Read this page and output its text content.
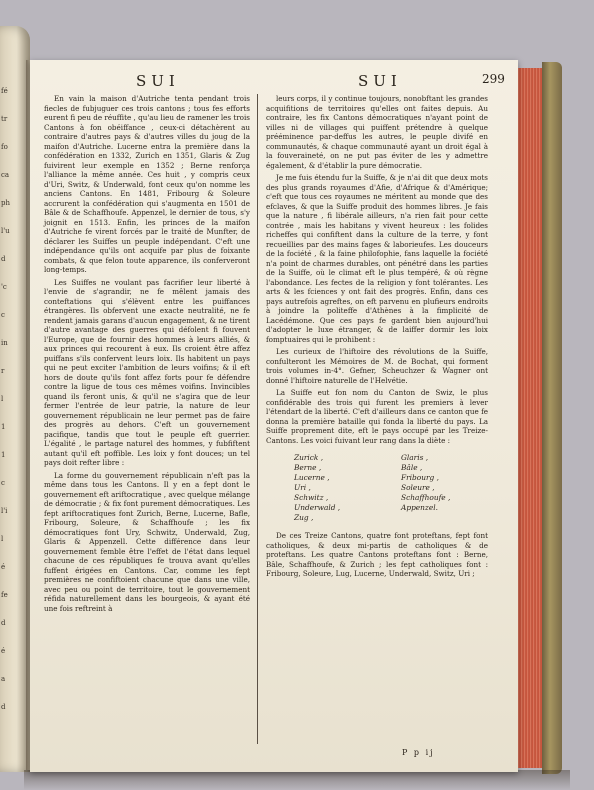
fé
tr
fo
ca
ph
l'u
d
'c
c
in
r
l
1
1
c
l'i
l
é
fe
d
é
a
d
SUI	SUI	299

En vain la maison d'Autriche tenta pendant trois fiecles de fubjuguer ces trois cantons ; tous fes efforts eurent fi peu de réuffite , qu'au lieu de ramener les trois Cantons à fon obéiffance , ceux-ci détachèrent au contraire d'autres pays & d'autres villes du joug de la maifon d'Autriche. Lucerne entra la première dans la confédération en 1332, Zurich en 1351, Glaris & Zug fuivirent leur exemple en 1352 ; Berne renforça l'alliance la même année. Ces huit , y compris ceux d'Uri, Switz, & Underwald, font ceux qu'on nomme les anciens Cantons. En 1481, Fribourg & Soleure accrurent la confédération qui s'augmenta en 1501 de Bâle & de Schaffhoufe. Appenzel, le dernier de tous, s'y joignit en 1513. Enfin, les princes de la maifon d'Autriche fe virent forcés par le traité de Munfter, de déclarer les Suiffes un peuple indépendant. C'eft une indépendance qu'ils ont acquife par plus de foixante combats, & que felon toute apparence, ils conferveront long-temps.

Les Suiffes ne voulant pas facrifier leur liberté à l'envie de s'agrandir, ne fe mêlent jamais des conteftations qui s'élèvent entre les puiffances étrangères. Ils obfervent une exacte neutralité, ne fe rendent jamais garans d'aucun engagement, & ne tirent d'autre avantage des guerres qui défolent fi fouvent l'Europe, que de fournir des hommes à leurs alliés, & aux princes qui recourent à eux. Ils croient être affez puiffans s'ils confervent leurs loix. Ils habitent un pays qui ne peut exciter l'ambition de leurs voifins; & il eft hors de doute qu'ils font affez forts pour fe défendre contre la ligue de tous ces mêmes voifins. Invincibles quand ils feront unis, & qu'il ne s'agira que de leur fermer l'entrée de leur patrie, la nature de leur gouvernement républicain ne leur permet pas de faire des progrès au dehors. C'eft un gouvernement pacifique, tandis que tout le peuple eft guerrier. L'égalité , le partage naturel des hommes, y fubfiftent autant qu'il eft poffible. Les loix y font douces; un tel pays doit refter libre :

La forme du gouvernement républicain n'eft pas la même dans tous les Cantons. Il y en a fept dont le gouvernement eft ariftocratique , avec quelque mélange de démocratie ; & fix font purement démocratiques. Les fept ariftocratiques font Zurich, Berne, Lucerne, Bafle, Fribourg, Soleure, & Schaffhoufe ; les fix démocratiques font Ury, Schwitz, Underwald, Zug, Glaris & Appenzell. Cette différence dans leur gouvernement femble être l'effet de l'état dans lequel chacune de ces républiques fe trouva avant qu'elles fuffent érigées en Cantons. Car, comme les fept premières ne confiftoient chacune que dans une ville, avec peu ou point de territoire, tout le gouvernement réfida naturellement dans les bourgeois, & ayant été une fois reftreint à

leurs corps, il y continue toujours, nonobftant les grandes acquifitions de territoires qu'elles ont faites depuis. Au contraire, les fix Cantons démocratiques n'ayant point de villes ni de villages qui puiffent prétendre à quelque prééminence par-deffus les autres, le peuple divifé en communautés, & chaque communauté ayant un droit égal à la fouveraineté, on ne put pas éviter de les y admettre également, & d'établir la pure démocratie.

Je me fuis étendu fur la Suiffe, & je n'ai dit que deux mots des plus grands royaumes d'Afie, d'Afrique & d'Amérique; c'eft que tous ces royaumes ne méritent au monde que des efclaves, & que la Suiffe produit des hommes libres. Je fais que la nature , fi libérale ailleurs, n'a rien fait pour cette contrée , mais les habitans y vivent heureux : les folides richeffes qui confiftent dans la culture de la terre, y font recueillies par des mains fages & laborieufes. Les douceurs de la fociété , & la faine philofophie, fans laquelle la fociété n'a point de charmes durables, ont pénétré dans les parties de la Suiffe, où le climat eft le plus tempéré, & où règne l'abondance. Les fectes de la religion y font tolérantes. Les arts & les fciences y ont fait des progrès. Enfin, dans ces pays autrefois agreftes, on eft parvenu en plufieurs endroits à joindre la politeffe d'Athènes à la fimplicité de Lacédémone. Que ces pays fe gardent bien aujourd'hui d'adopter le luxe étranger, & de laiffer dormir les loix fomptuaires qui le prohibent :

Les curieux de l'hiftoire des révolutions de la Suiffe, confulteront les Mémoires de M. de Bochat, qui forment trois volumes in-4°. Gefner, Scheuchzer & Wagner ont donné l'hiftoire naturelle de l'Helvétie.

La Suiffe eut fon nom du Canton de Swiz, le plus confidérable des trois qui furent les premiers à lever l'étendart de la liberté. C'eft d'ailleurs dans ce canton que fe donna la première bataille qui fonda la liberté du pays. La Suiffe proprement dite, eft le pays occupé par les Treize-Cantons. Les voici fuivant leur rang dans la diète :

Zurick ,
Berne ,
Lucerne ,
Uri ,
Schwitz ,
Underwald ,
Zug ,
Glaris ,
Bâle ,
Fribourg ,
Soleure ,
Schaffhoufe ,
Appenzel.

De ces Treize Cantons, quatre font proteftans, fept font catholiques, & deux mi-partis de catholiques & de proteftans. Les quatre Cantons proteftans font : Berne, Bâle, Schaffhoufe, & Zurich ; les fept catholiques font : Fribourg, Soleure, Lug, Lucerne, Underwald, Switz, Uri ;

P p ij
